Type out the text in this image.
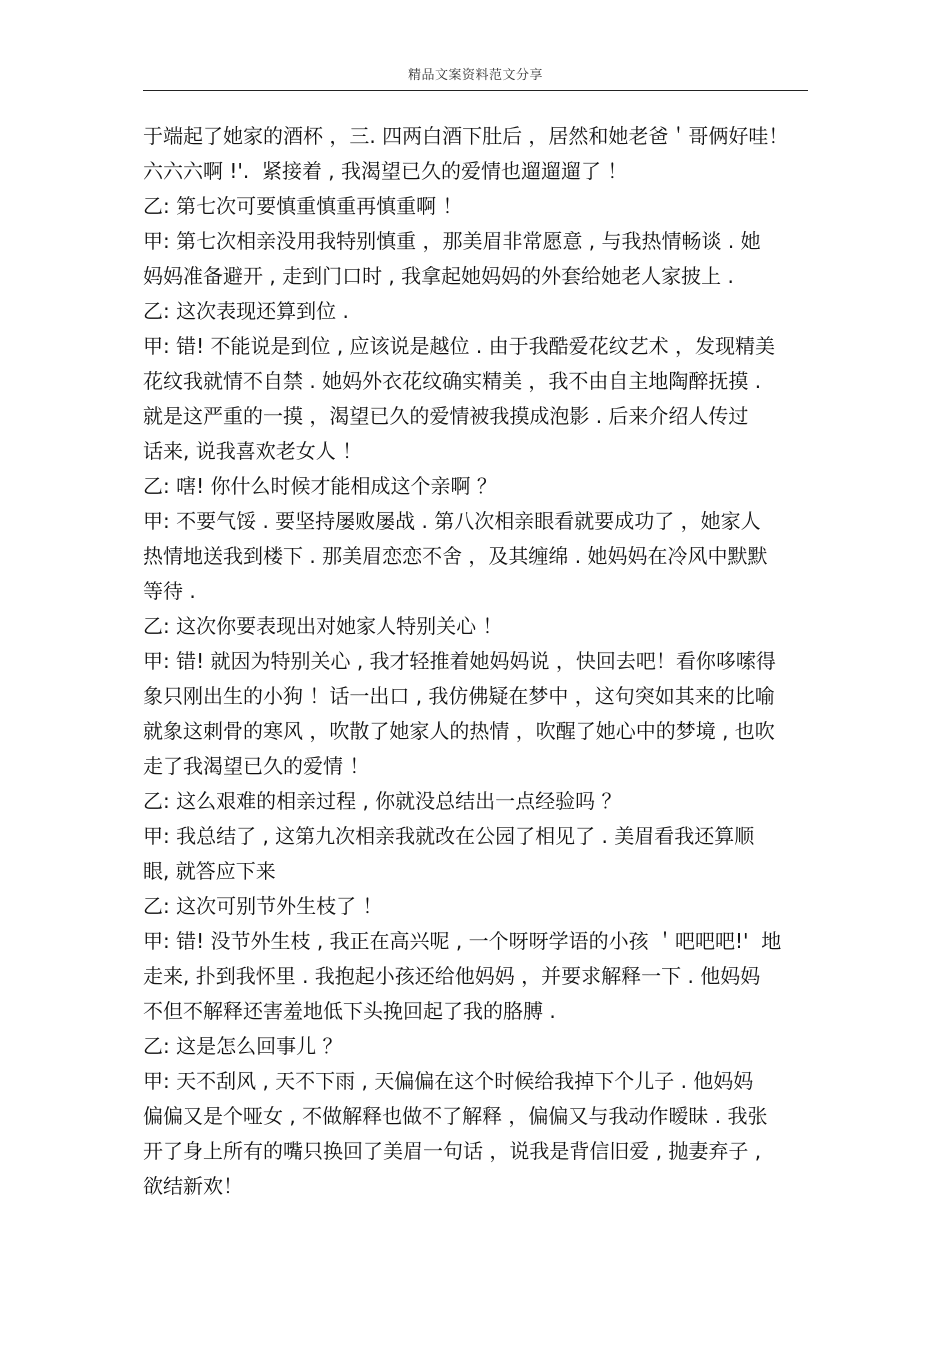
精品文案资料范文分享
于端起了她家的酒杯 ，三. 四两白酒下肚后 ，居然和她老爸＇哥俩好哇！
六六六啊 !'.  紧接着 , 我渴望已久的爱情也遛遛遛了 ！
乙: 第七次可要慎重慎重再慎重啊 ！
甲: 第七次相亲没用我特别慎重 ，那美眉非常愿意 , 与我热情畅谈 . 她
妈妈准备避开 , 走到门口时 , 我拿起她妈妈的外套给她老人家披上 .
乙: 这次表现还算到位 .
甲: 错! 不能说是到位 , 应该说是越位 . 由于我酷爱花纹艺术 ，发现精美
花纹我就情不自禁 . 她妈外衣花纹确实精美 ，我不由自主地陶醉抚摸 .
就是这严重的一摸 ，渴望已久的爱情被我摸成泡影 . 后来介绍人传过
话来, 说我喜欢老女人 ！
乙: 嗐! 你什么时候才能相成这个亲啊 ？
甲: 不要气馁 . 要坚持屡败屡战 . 第八次相亲眼看就要成功了 ，她家人
热情地送我到楼下 . 那美眉恋恋不舍 ，及其缠绵 . 她妈妈在冷风中默默
等待 .
乙: 这次你要表现出对她家人特别关心 ！
甲: 错! 就因为特别关心 , 我才轻推着她妈妈说 ，快回去吧！看你哆嗦得
象只刚出生的小狗 ！话一出口 , 我仿佛疑在梦中 ，这句突如其来的比喻
就象这刺骨的寒风 ，吹散了她家人的热情 ，吹醒了她心中的梦境 , 也吹
走了我渴望已久的爱情 ！
乙: 这么艰难的相亲过程 , 你就没总结出一点经验吗 ？
甲: 我总结了 , 这第九次相亲我就改在公园了相见了 . 美眉看我还算顺
眼, 就答应下来
乙: 这次可别节外生枝了 ！
甲: 错! 没节外生枝 , 我正在高兴呢 , 一个呀呀学语的小孩 ＇吧吧吧!'  地
走来, 扑到我怀里 . 我抱起小孩还给他妈妈 ，并要求解释一下 . 他妈妈
不但不解释还害羞地低下头挽回起了我的胳膊 .
乙: 这是怎么回事儿 ？
甲: 天不刮风 , 天不下雨 , 天偏偏在这个时候给我掉下个儿子 . 他妈妈
偏偏又是个哑女 , 不做解释也做不了解释 ，偏偏又与我动作暧昧 . 我张
开了身上所有的嘴只换回了美眉一句话 ，说我是背信旧爱 , 抛妻弃子 ,
欲结新欢！
